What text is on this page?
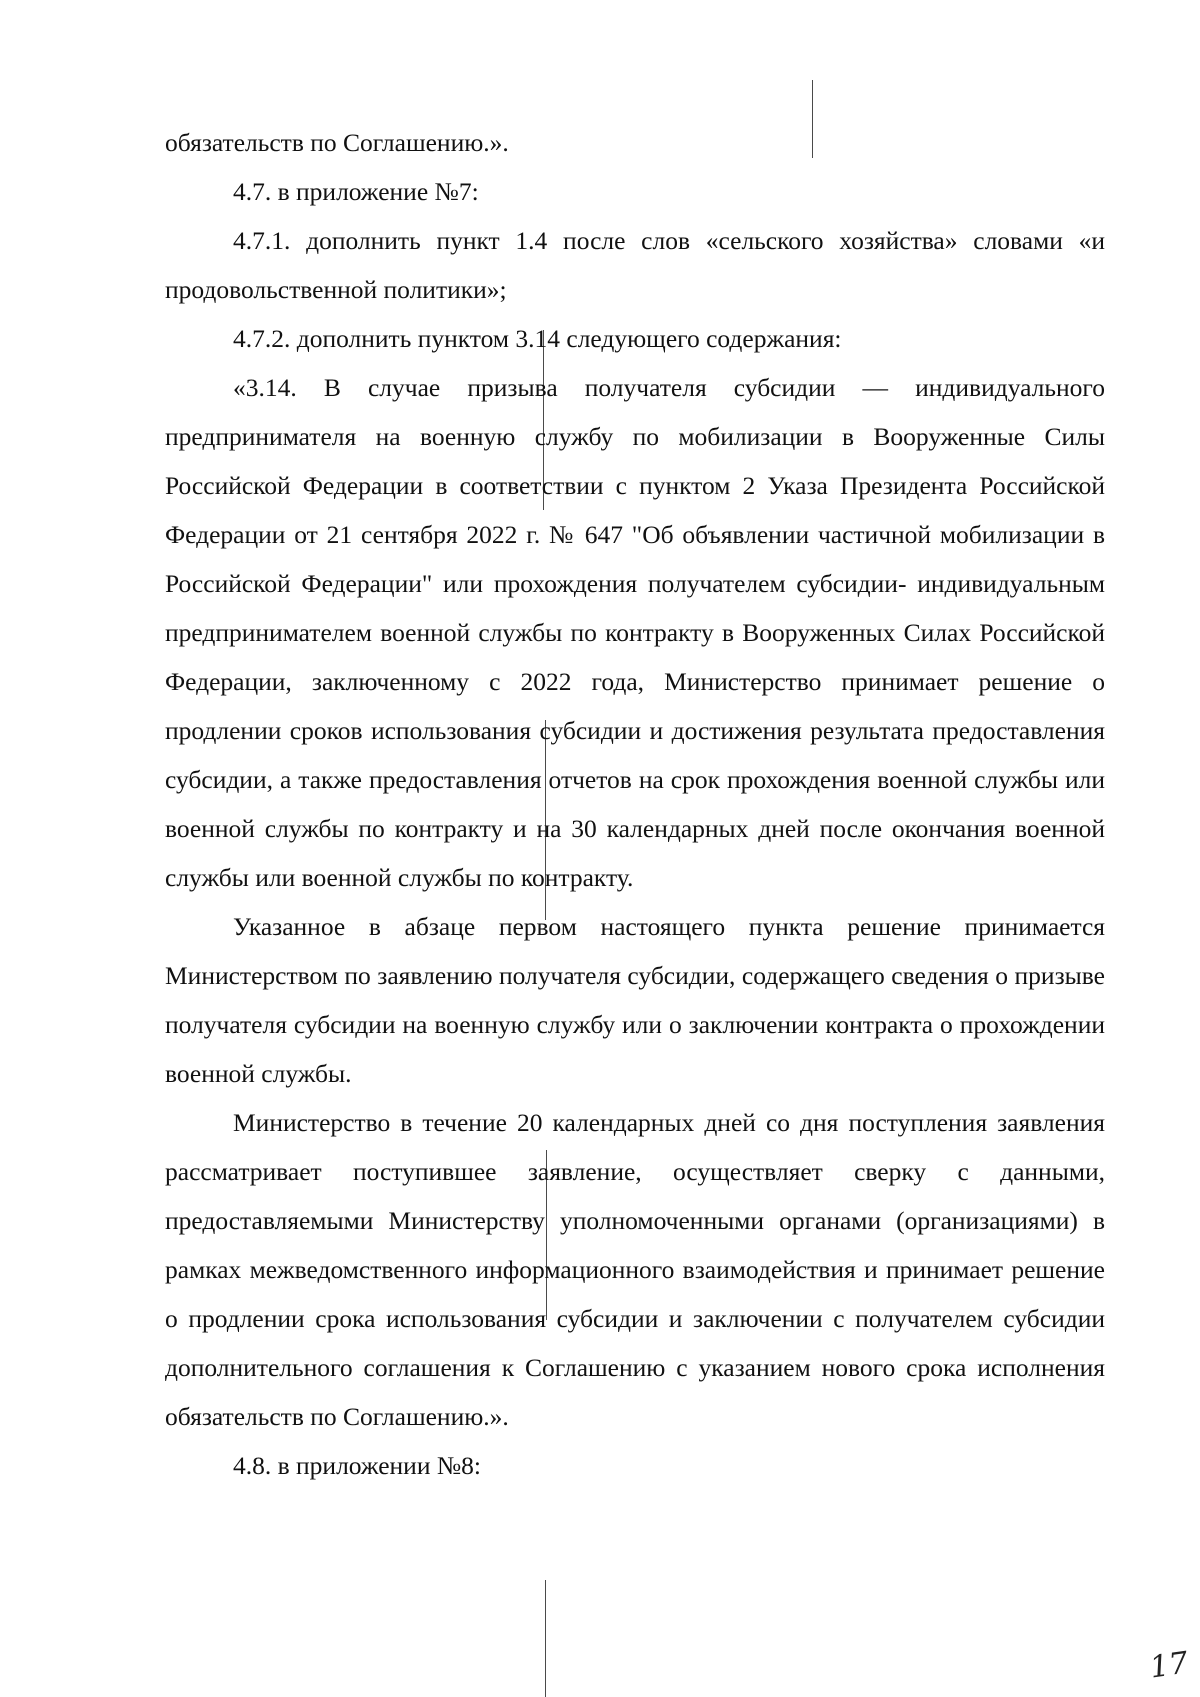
обязательств по Соглашению.».

4.7. в приложение №7:

4.7.1. дополнить пункт 1.4 после слов «сельского хозяйства» словами «и продовольственной политики»;

4.7.2. дополнить пунктом 3.14 следующего содержания:

«3.14. В случае призыва получателя субсидии — индивидуального предпринимателя на военную службу по мобилизации в Вооруженные Силы Российской Федерации в соответствии с пунктом 2 Указа Президента Российской Федерации от 21 сентября 2022 г. № 647 "Об объявлении частичной мобилизации в Российской Федерации" или прохождения получателем субсидии- индивидуальным предпринимателем военной службы по контракту в Вооруженных Силах Российской Федерации, заключенному с 2022 года, Министерство принимает решение о продлении сроков использования субсидии и достижения результата предоставления субсидии, а также предоставления отчетов на срок прохождения военной службы или военной службы по контракту и на 30 календарных дней после окончания военной службы или военной службы по контракту.

Указанное в абзаце первом настоящего пункта решение принимается Министерством по заявлению получателя субсидии, содержащего сведения о призыве получателя субсидии на военную службу или о заключении контракта о прохождении военной службы.

Министерство в течение 20 календарных дней со дня поступления заявления рассматривает поступившее заявление, осуществляет сверку с данными, предоставляемыми Министерству уполномоченными органами (организациями) в рамках межведомственного информационного взаимодействия и принимает решение о продлении срока использования субсидии и заключении с получателем субсидии дополнительного соглашения к Соглашению с указанием нового срока исполнения обязательств по Соглашению.».

4.8. в приложении №8:

17
